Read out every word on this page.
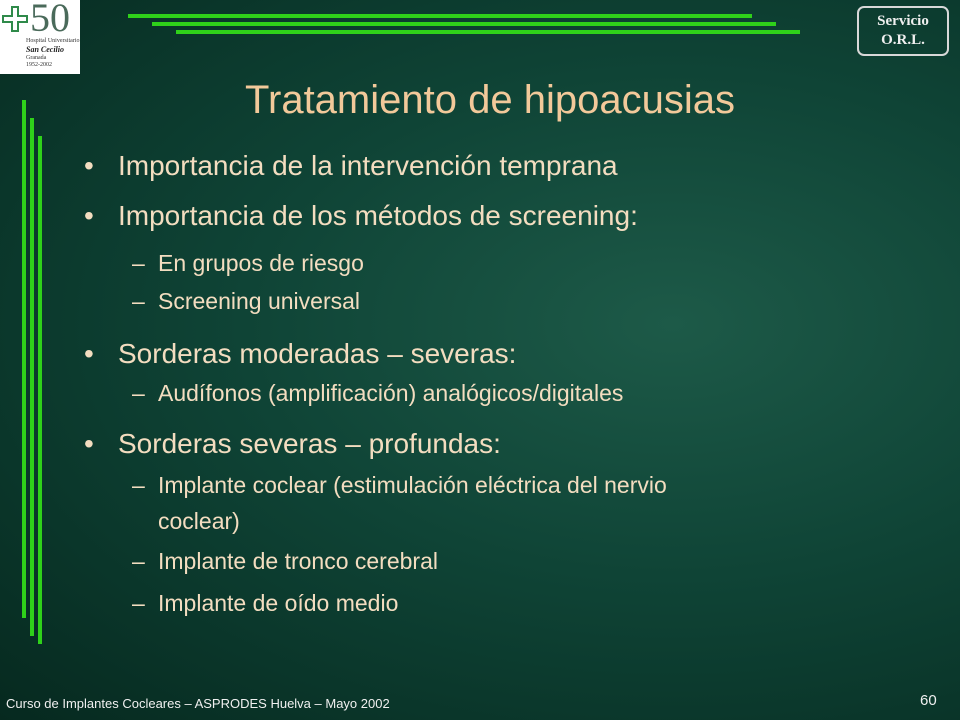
50
Hospital Universitario
San Cecilio
Granada
1952-2002
Servicio
O.R.L.
Tratamiento de hipoacusias
• Importancia de la intervención temprana
• Importancia de los métodos de screening:
– En grupos de riesgo
– Screening universal
• Sorderas moderadas – severas:
– Audífonos (amplificación) analógicos/digitales
• Sorderas severas – profundas:
– Implante coclear (estimulación eléctrica del nervio
coclear)
– Implante de tronco cerebral
– Implante de oído medio
Curso de Implantes Cocleares – ASPRODES Huelva – Mayo 2002	60
